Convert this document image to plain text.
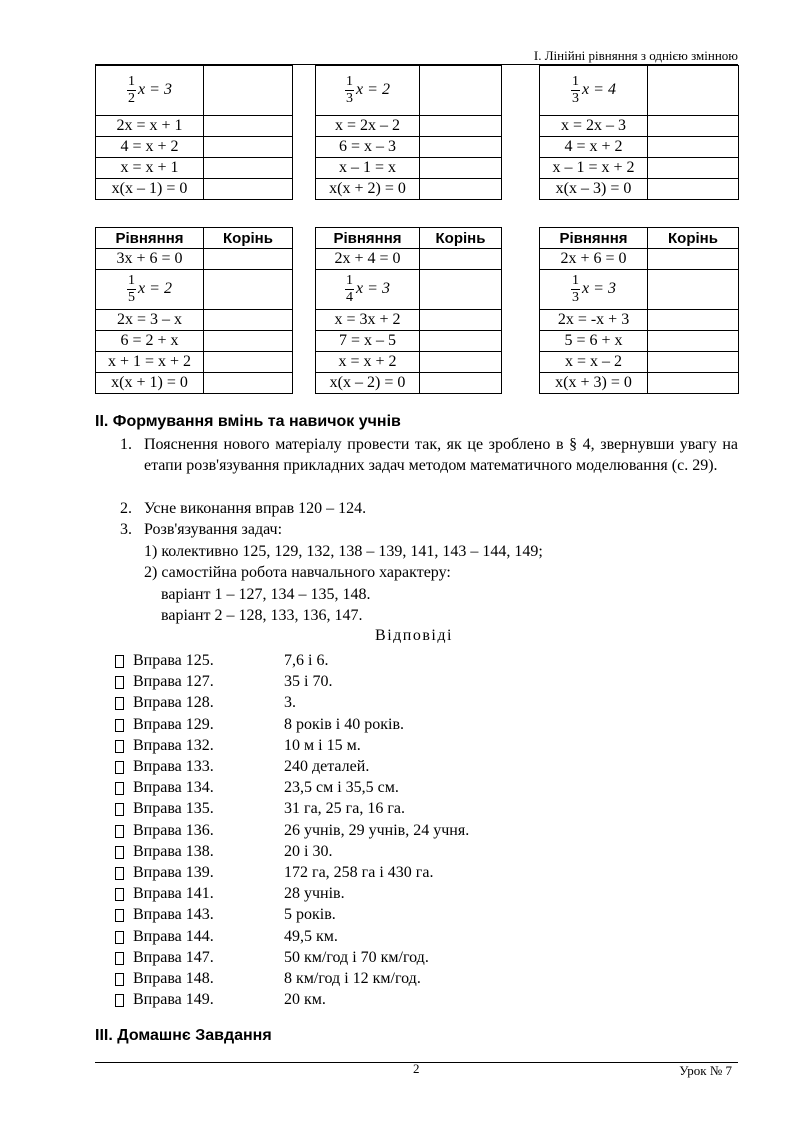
І. Лінійні рівняння з однією змінною
$\frac{1}{2}$ x = 3	
2x = x + 1	
4 = x + 2	
x = x + 1	
x(x – 1) = 0	
$\frac{1}{3}$ x = 2	
x = 2x – 2	
6 = x – 3	
x – 1 = x	
x(x + 2) = 0	
$\frac{1}{3}$ x = 4	
x = 2x – 3	
4 = x + 2	
x – 1 = x + 2	
x(x – 3) = 0	
Рівняння	Корінь
3x + 6 = 0	

$\frac{1}{5}$ x = 2	
2x = 3 – x	
6 = 2 + x	
x + 1 = x + 2	
x(x + 1) = 0	
Рівняння	Корінь
2x + 4 = 0	

$\frac{1}{4}$ x = 3	
x = 3x + 2	
7 = x – 5	
x = x + 2	
x(x – 2) = 0	
Рівняння	Корінь
2x + 6 = 0	

$\frac{1}{3}$ x = 3	
2x = -x + 3	
5 = 6 + x	
x = x – 2	
x(x + 3) = 0	
ІІ. Формування вмінь та навичок учнів
1. Пояснення нового матеріалу провести так, як це зроблено в § 4, звернувши увагу на етапи розв'язування прикладних задач методом математичного моделювання (с. 29).
2. Усне виконання вправ 120 – 124.
3. Розв'язування задач:
1) колективно 125, 129, 132, 138 – 139, 141, 143 – 144, 149;
2) самостійна робота навчального характеру:
варіант 1 – 127, 134 – 135, 148.
варіант 2 – 128, 133, 136, 147.
Відповіді
Вправа 125.	7,6 і 6.
Вправа 127.	35 і 70.
Вправа 128.	3.
Вправа 129.	8 років і 40 років.
Вправа 132.	10 м і 15 м.
Вправа 133.	240 деталей.
Вправа 134.	23,5 см і 35,5 см.
Вправа 135.	31 га, 25 га, 16 га.
Вправа 136.	26 учнів, 29 учнів, 24 учня.
Вправа 138.	20 і 30.
Вправа 139.	172 га, 258 га і 430 га.
Вправа 141.	28 учнів.
Вправа 143.	5 років.
Вправа 144.	49,5 км.
Вправа 147.	50 км/год і 70 км/год.
Вправа 148.	8 км/год і 12 км/год.
Вправа 149.	20 км.
ІІІ. Домашнє Завдання
2	Урок № 7
